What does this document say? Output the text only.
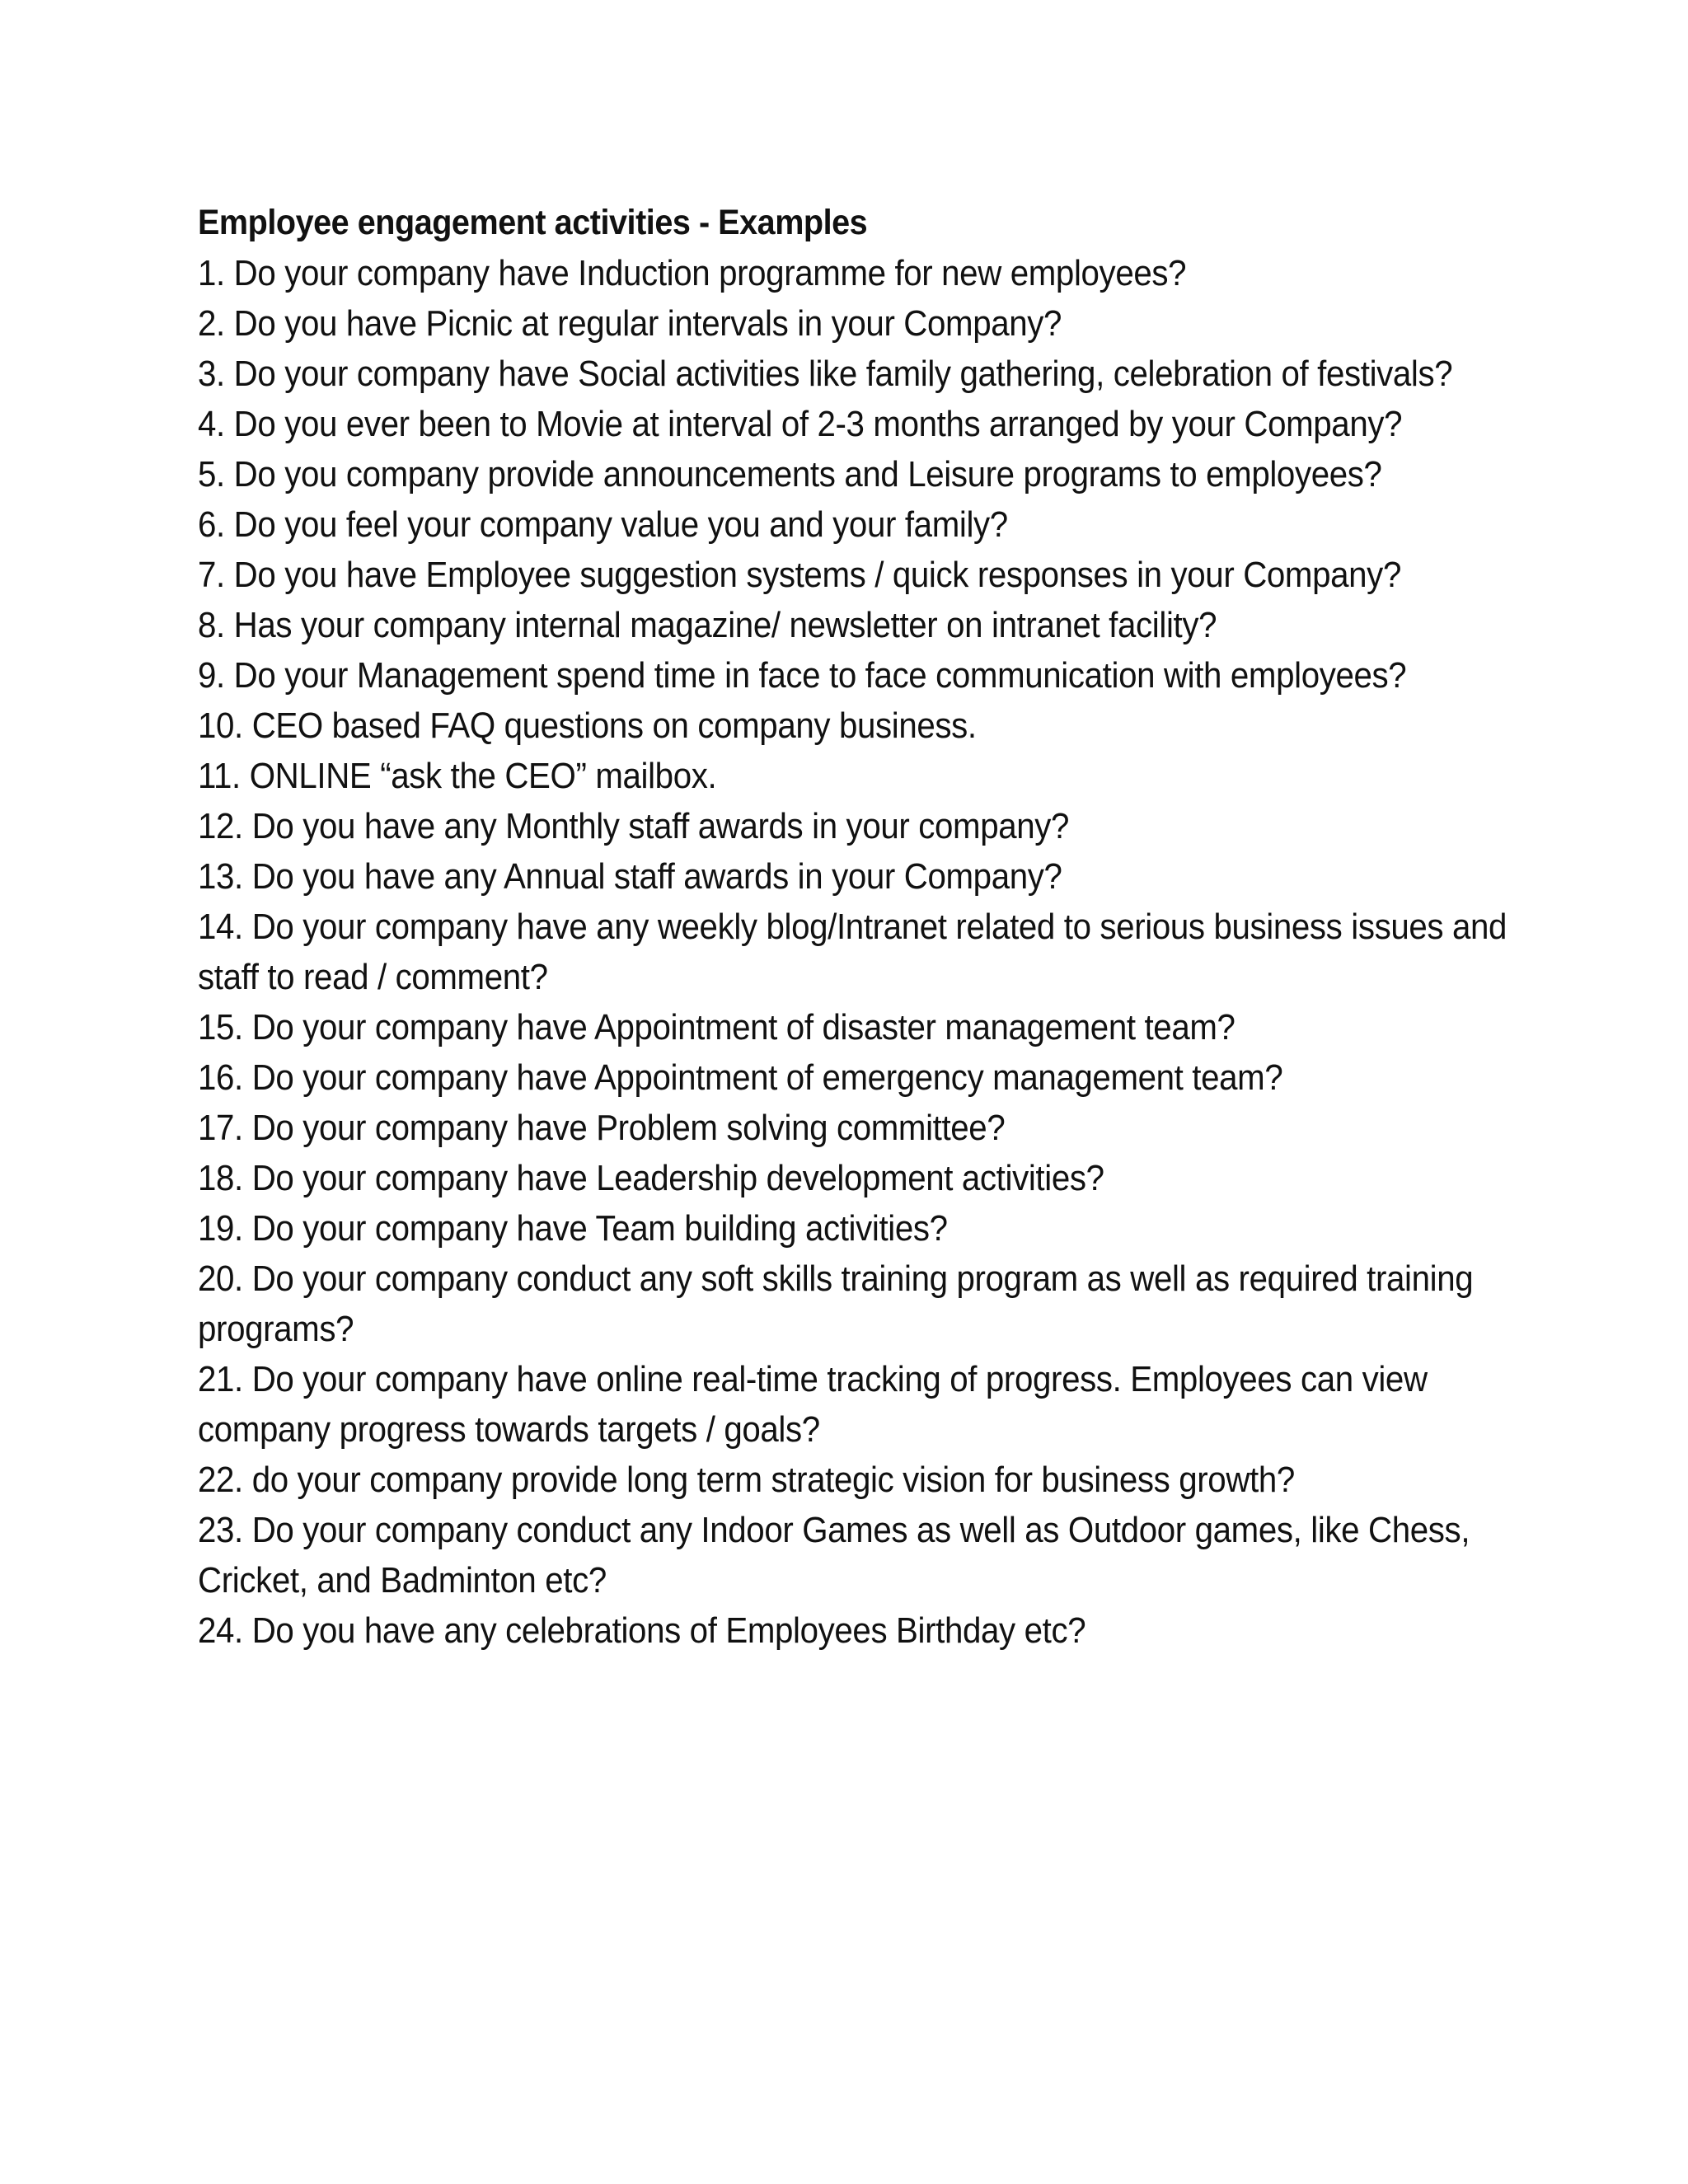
Employee engagement activities - Examples
1. Do your company have Induction programme for new employees?
2. Do you have Picnic at regular intervals in your Company?
3. Do your company have Social activities like family gathering, celebration of festivals?
4. Do you ever been to Movie at interval of 2-3 months arranged by your Company?
5. Do you company provide announcements and Leisure programs to employees?
6. Do you feel your company value you and your family?
7. Do you have Employee suggestion systems / quick responses in your Company?
8. Has your company internal magazine/ newsletter on intranet facility?
9. Do your Management spend time in face to face communication with employees?
10. CEO based FAQ questions on company business.
11. ONLINE “ask the CEO” mailbox.
12. Do you have any Monthly staff awards in your company?
13. Do you have any Annual staff awards in your Company?
14. Do your company have any weekly blog/Intranet related to serious business issues and staff to read / comment?
15. Do your company have Appointment of disaster management team?
16. Do your company have Appointment of emergency management team?
17. Do your company have Problem solving committee?
18. Do your company have Leadership development activities?
19. Do your company have Team building activities?
20. Do your company conduct any soft skills training program as well as required training programs?
21. Do your company have online real-time tracking of progress. Employees can view company progress towards targets / goals?
22. do your company provide long term strategic vision for business growth?
23. Do your company conduct any Indoor Games as well as Outdoor games, like Chess, Cricket, and Badminton etc?
24. Do you have any celebrations of Employees Birthday etc?
